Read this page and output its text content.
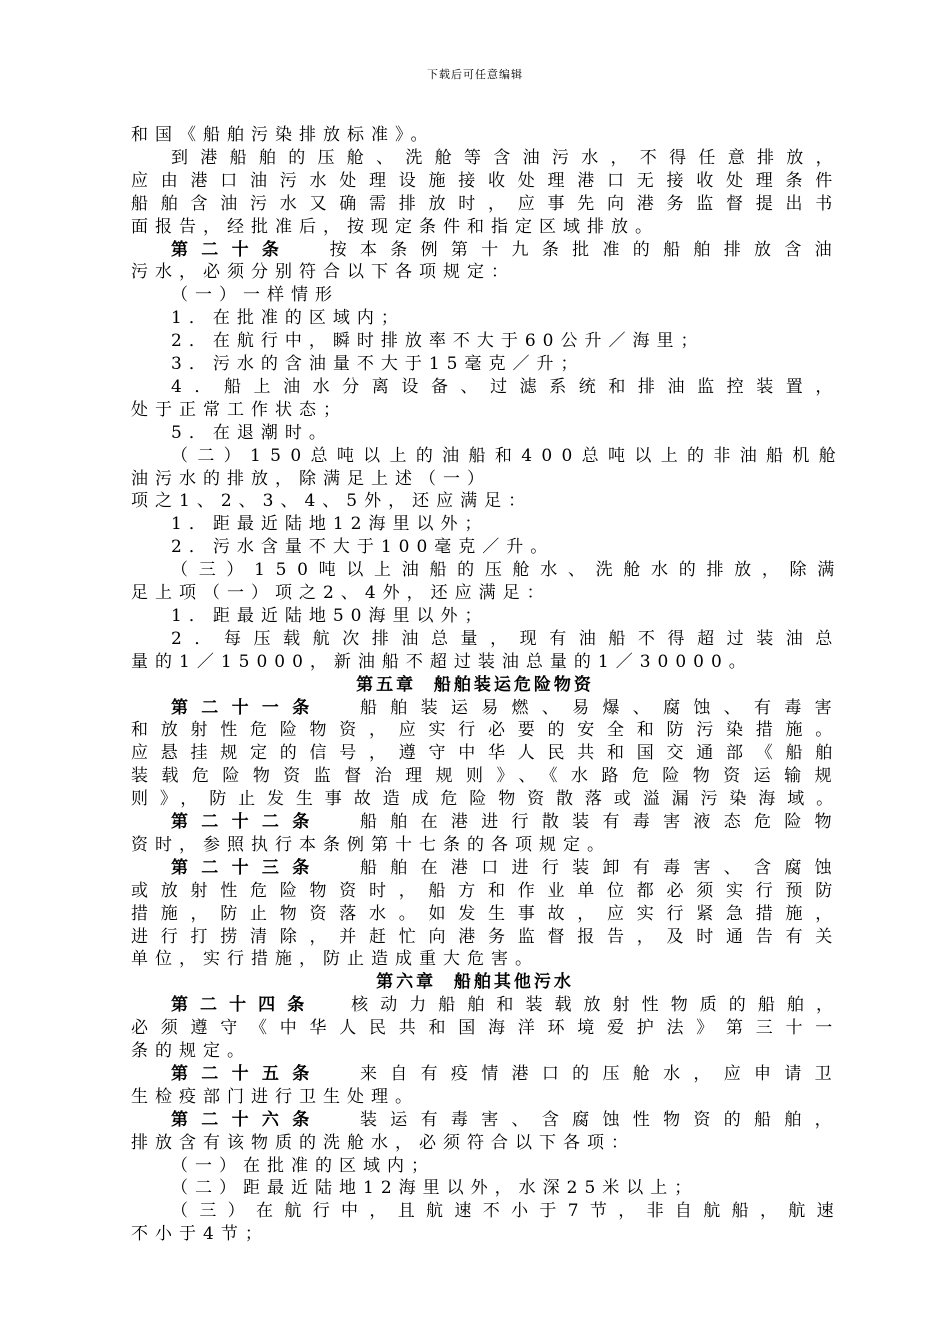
下载后可任意编辑
和国《船舶污染排放标准》。
到港船舶的压舱、洗舱等含油污水，不得任意排放，
应由港口油污水处理设施接收处理港口无接收处理条件
船舶含油污水又确需排放时，应事先向港务监督提出书
面报告，经批准后，按现定条件和指定区域排放。
第二十条  按本条例第十九条批准的船舶排放含油
污水，必须分别符合以下各项规定：
（一）一样情形
1．在批准的区域内；
2．在航行中，瞬时排放率不大于60公升／海里；
3．污水的含油量不大于15毫克／升；
4．船上油水分离设备、过滤系统和排油监控装置，
处于正常工作状态；
5．在退潮时。
（二）150总吨以上的油船和400总吨以上的非油船机舱
油污水的排放，除满足上述（一）
项之1、2、3、4、5外，还应满足：
1．距最近陆地12海里以外；
2．污水含量不大于100毫克／升。
（三）150吨以上油船的压舱水、洗舱水的排放，除满
足上项（一）项之2、4外，还应满足：
1．距最近陆地50海里以外；
2．每压载航次排油总量，现有油船不得超过装油总
量的1／15000，新油船不超过装油总量的1／30000。
第五章  船舶装运危险物资
第二十一条  船舶装运易燃、易爆、腐蚀、有毒害
和放射性危险物资，应实行必要的安全和防污染措施。
应悬挂规定的信号，遵守中华人民共和国交通部《船舶
装载危险物资监督治理规则》、《水路危险物资运输规
则》，防止发生事故造成危险物资散落或溢漏污染海域。
第二十二条  船舶在港进行散装有毒害液态危险物
资时，参照执行本条例第十七条的各项规定。
第二十三条  船舶在港口进行装卸有毒害、含腐蚀
或放射性危险物资时，船方和作业单位都必须实行预防
措施，防止物资落水。如发生事故，应实行紧急措施，
进行打捞清除，并赶忙向港务监督报告，及时通告有关
单位，实行措施，防止造成重大危害。
第六章  船舶其他污水
第二十四条  核动力船舶和装载放射性物质的船舶，
必须遵守《中华人民共和国海洋环境爱护法》第三十一
条的规定。
第二十五条  来自有疫情港口的压舱水，应申请卫
生检疫部门进行卫生处理。
第二十六条  装运有毒害、含腐蚀性物资的船舶，
排放含有该物质的洗舱水，必须符合以下各项：
（一）在批准的区域内；
（二）距最近陆地12海里以外，水深25米以上；
（三）在航行中，且航速不小于7节，非自航船，航速
不小于4节；
